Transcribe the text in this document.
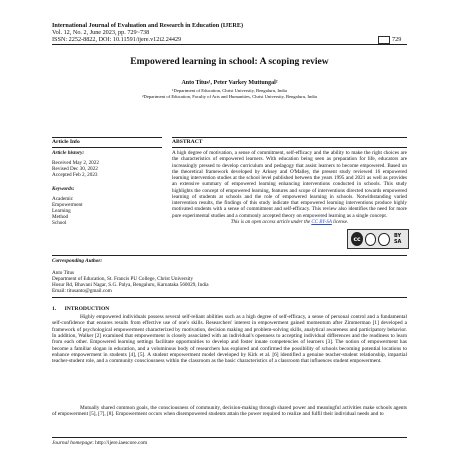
International Journal of Evaluation and Research in Education (IJERE)
Vol. 12, No. 2, June 2023, pp. 729~738
ISSN: 2252-8822, DOI: 10.11591/ijere.v12i2.24429	729
Empowered learning in school: A scoping review
Anto Titus¹, Peter Varkey Muttungal²
¹Department of Education, Christ University, Bengaluru, India
²Department of Education, Faculty of Arts and Humanities, Christ University, Bengaluru, India
Article Info	ABSTRACT
Article history:
Received May 2, 2022
Revised Dec 30, 2022
Accepted Feb 2, 2023
Keywords:
Academic
Empowerment
Learning
Method
School
A high degree of motivation, a sense of commitment, self-efficacy and the ability to make the right choices are the characteristics of empowered learners. With education being seen as preparation for life, educators are increasingly pressed to develop curriculum and pedagogy that assist learners to become empowered. Based on the theoretical framework developed by Arksey and O'Malley, the present study reviewed 16 empowered learning intervention studies at the school level published between the years 1995 and 2021 as well as provides an extensive summary of empowered learning enhancing interventions conducted in schools. This study highlights the concept of empowered learning, features and scope of interventions directed towards empowered learning of students at schools and the role of empowered learning in schools. Notwithstanding varied intervention results, the findings of this study indicate that empowered learning interventions produce highly motivated students with a sense of commitment and self-efficacy. This review also identifies the need for more pure experimental studies and a commonly accepted theory on empowered learning as a single concept.
This is an open access article under the CC BY-SA license.
cc	BY SA
Corresponding Author:
Anto Titus
Department of Education, St. Francis PU College, Christ University
Hosur Rd, Bhavani Nagar, S.G. Palya, Bengaluru, Karnataka 560029, India
Email: titusanto@gmail.com
1.      INTRODUCTION
Highly empowered individuals possess several self-reliant abilities such as a high degree of self-efficacy, a sense of personal control and a fundamental self-confidence that ensures results from effective use of one's skills. Researchers' interest in empowerment gained momentum after Zimmerman [1] developed a framework of psychological empowerment characterized by motivation, decision making and problem-solving skills, analytical awareness and participatory behavior. In addition, Walker [2] examined that empowerment is closely associated with an individual's openness to accepting individual differences and the readiness to learn from each other. Empowered learning settings facilitate opportunities to develop and foster innate competencies of learners [3]. The notion of empowerment has become a familiar slogan in education, and a voluminous body of researchers has explored and confirmed the possibility of schools becoming potential locations to enhance empowerment in students [4], [5]. A student empowerment model developed by Kirk et al. [6] identified a genuine teacher-student relationship, impartial teacher-student role, and a community consciousness within the classroom as the basic characteristics of a classroom that influences student empowerment.
Mutually shared common goals, the consciousness of community, decision-making through shared power and meaningful activities make schools agents of empowerment [5], [7], [8]. Empowerment occurs when disempowered students attain the power required to realize and fulfil their individual needs and to
Journal homepage: http://ijere.iaescore.com
